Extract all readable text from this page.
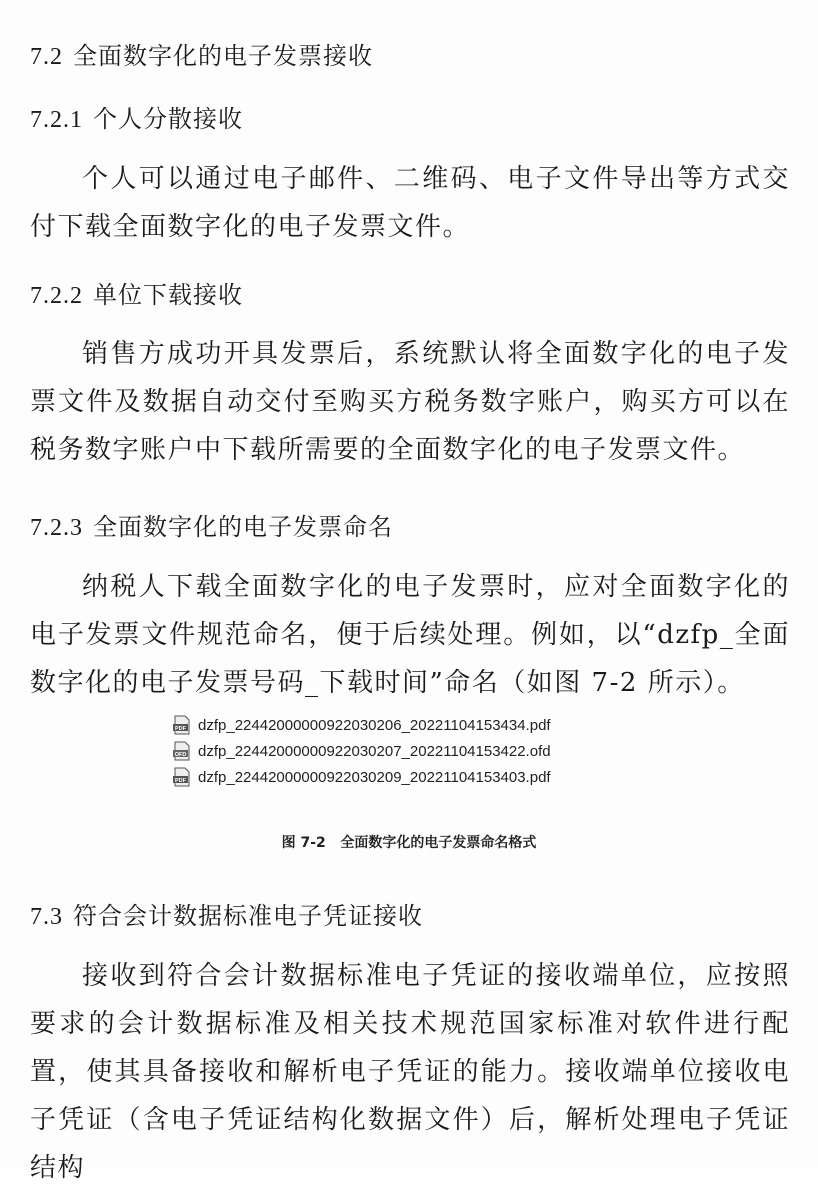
7.2 全面数字化的电子发票接收
7.2.1 个人分散接收

个人可以通过电子邮件、二维码、电子文件导出等方式交付下载全面数字化的电子发票文件。

7.2.2 单位下载接收

销售方成功开具发票后，系统默认将全面数字化的电子发票文件及数据自动交付至购买方税务数字账户，购买方可以在税务数字账户中下载所需要的全面数字化的电子发票文件。

7.2.3 全面数字化的电子发票命名

纳税人下载全面数字化的电子发票时，应对全面数字化的电子发票文件规范命名，便于后续处理。例如，以“dzfp_全面数字化的电子发票号码_下载时间”命名（如图 7-2 所示）。

PDF dzfp_22442000000922030206_20221104153434.pdf
OFD dzfp_22442000000922030207_20221104153422.ofd
PDF dzfp_22442000000922030209_20221104153403.pdf
图 7-2 全面数字化的电子发票命名格式
7.3 符合会计数据标准电子凭证接收

接收到符合会计数据标准电子凭证的接收端单位，应按照要求的会计数据标准及相关技术规范国家标准对软件进行配置，使其具备接收和解析电子凭证的能力。接收端单位接收电子凭证（含电子凭证结构化数据文件）后，解析处理电子凭证结构
